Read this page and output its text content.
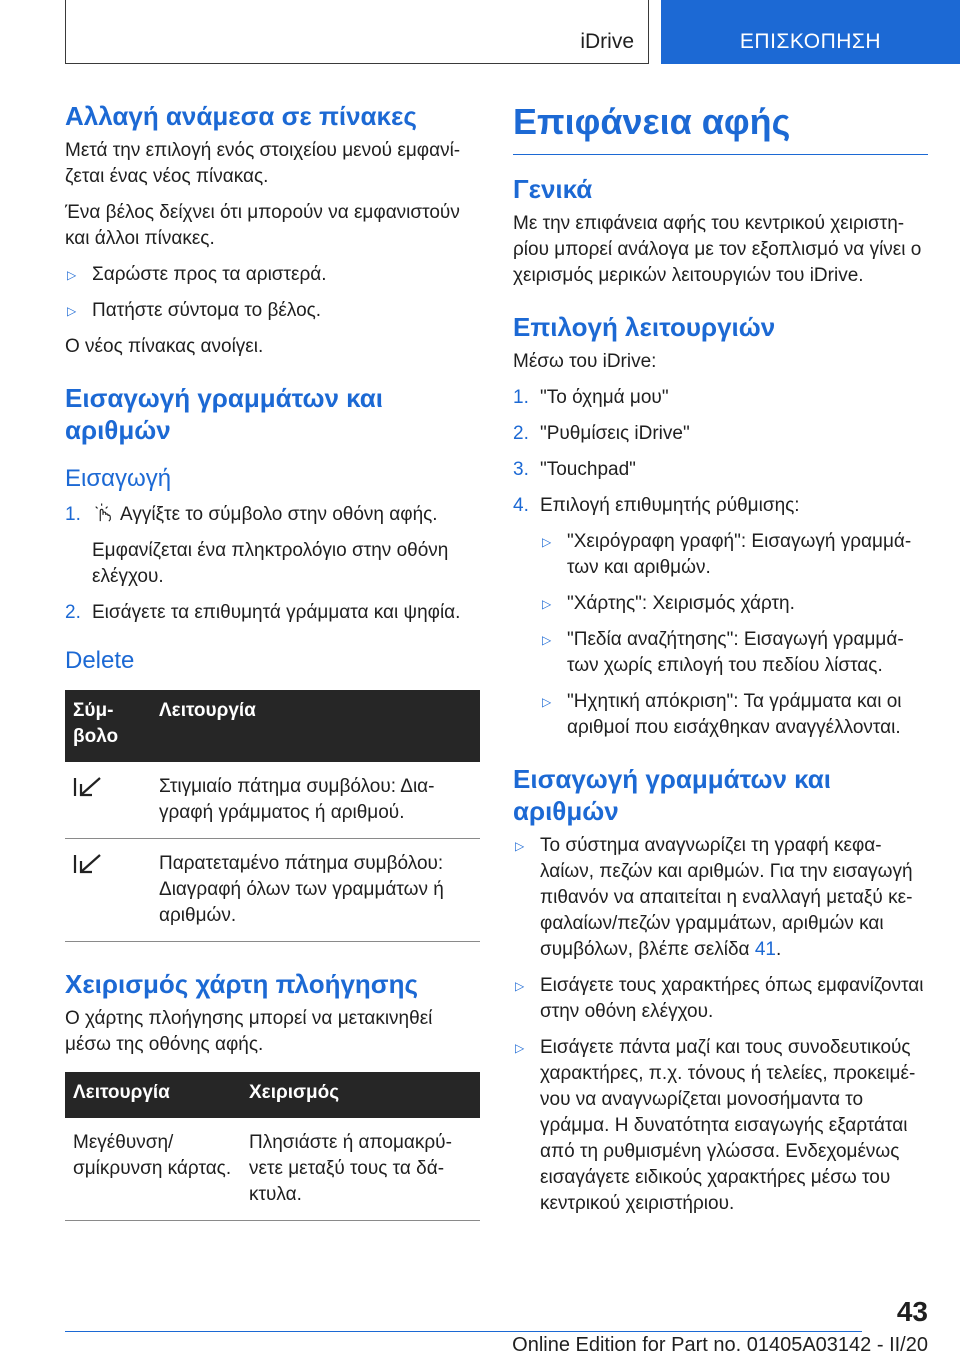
iDrive	ΕΠΙΣΚΟΠΗΣΗ
Αλλαγή ανάμεσα σε πίνακες

Μετά την επιλογή ενός στοιχείου μενού εμφανίζεται ένας νέος πίνακας.

Ένα βέλος δείχνει ότι μπορούν να εμφανιστούν και άλλοι πίνακες.

▷ Σαρώστε προς τα αριστερά.
▷ Πατήστε σύντομα το βέλος.

Ο νέος πίνακας ανοίγει.

Εισαγωγή γραμμάτων και αριθμών
Εισαγωγή
1.	Αγγίξτε το σύμβολο στην οθόνη αφής.
Εμφανίζεται ένα πληκτρολόγιο στην οθόνη ελέγχου.
2. Εισάγετε τα επιθυμητά γράμματα και ψηφία.
Delete
Σύμβολο	Λειτουργία
	Στιγμιαίο πάτημα συμβόλου: Διαγραφή γράμματος ή αριθμού.
	Παρατεταμένο πάτημα συμβόλου: Διαγραφή όλων των γραμμάτων ή αριθμών.
Χειρισμός χάρτη πλοήγησης

Ο χάρτης πλοήγησης μπορεί να μετακινηθεί μέσω της οθόνης αφής.

Λειτουργία	Χειρισμός
Μεγέθυνση/ σμίκρυνση κάρτας.	Πλησιάστε ή απομακρύνετε μεταξύ τους τα δάκτυλα.
Επιφάνεια αφής
Γενικά

Με την επιφάνεια αφής του κεντρικού χειριστηρίου μπορεί ανάλογα με τον εξοπλισμό να γίνει ο χειρισμός μερικών λειτουργιών του iDrive.

Επιλογή λειτουργιών

Μέσω του iDrive:

1. "Το όχημά μου"
2. "Ρυθμίσεις iDrive"
3. "Touchpad"
4. Επιλογή επιθυμητής ρύθμισης:
▷ "Χειρόγραφη γραφή": Εισαγωγή γραμμάτων και αριθμών.
▷ "Χάρτης": Χειρισμός χάρτη.
▷ "Πεδία αναζήτησης": Εισαγωγή γραμμάτων χωρίς επιλογή του πεδίου λίστας.
▷ "Ηχητική απόκριση": Τα γράμματα και οι αριθμοί που εισάχθηκαν αναγγέλλονται.
Εισαγωγή γραμμάτων και αριθμών
▷ Το σύστημα αναγνωρίζει τη γραφή κεφαλαίων, πεζών και αριθμών. Για την εισαγωγή πιθανόν να απαιτείται η εναλλαγή μεταξύ κεφαλαίων/πεζών γραμμάτων, αριθμών και συμβόλων, βλέπε σελίδα 41.
▷ Εισάγετε τους χαρακτήρες όπως εμφανίζονται στην οθόνη ελέγχου.
▷ Εισάγετε πάντα μαζί και τους συνοδευτικούς χαρακτήρες, π.χ. τόνους ή τελείες, προκειμένου να αναγνωρίζεται μονοσήμαντα το γράμμα. Η δυνατότητα εισαγωγής εξαρτάται από τη ρυθμισμένη γλώσσα. Ενδεχομένως εισαγάγετε ειδικούς χαρακτήρες μέσω του κεντρικού χειριστήριου.
43
Online Edition for Part no. 01405A03142 - II/20
